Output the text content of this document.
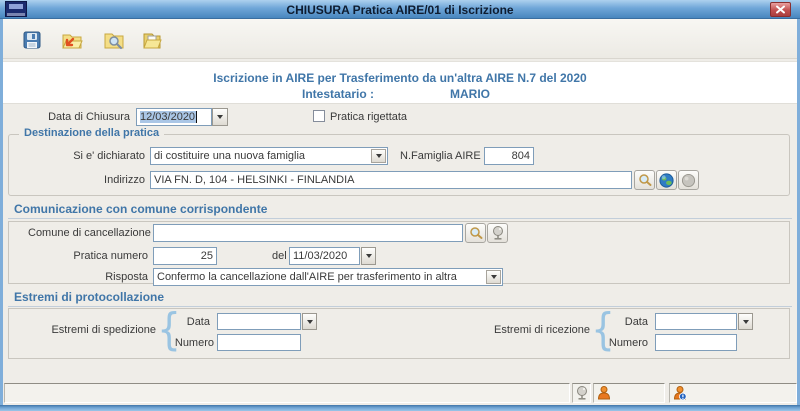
CHIUSURA Pratica AIRE/01 di Iscrizione
Iscrizione in AIRE per Trasferimento da un'altra AIRE N.7 del 2020
Intestatario :	MARIO
Data di Chiusura 12/03/2020	Pratica rigettata
Destinazione della pratica
Si e' dichiarato di costituire una nuova famiglia	N.Famiglia AIRE	804
Indirizzo VIA FN. D, 104 - HELSINKI - FINLANDIA
Comunicazione con comune corrispondente
Comune di cancellazione
Pratica numero	25	del 11/03/2020
Risposta Confermo la cancellazione dall'AIRE per trasferimento in altra
Estremi di protocollazione
Estremi di spedizione { Data
Numero
Estremi di ricezione { Data
Numero
